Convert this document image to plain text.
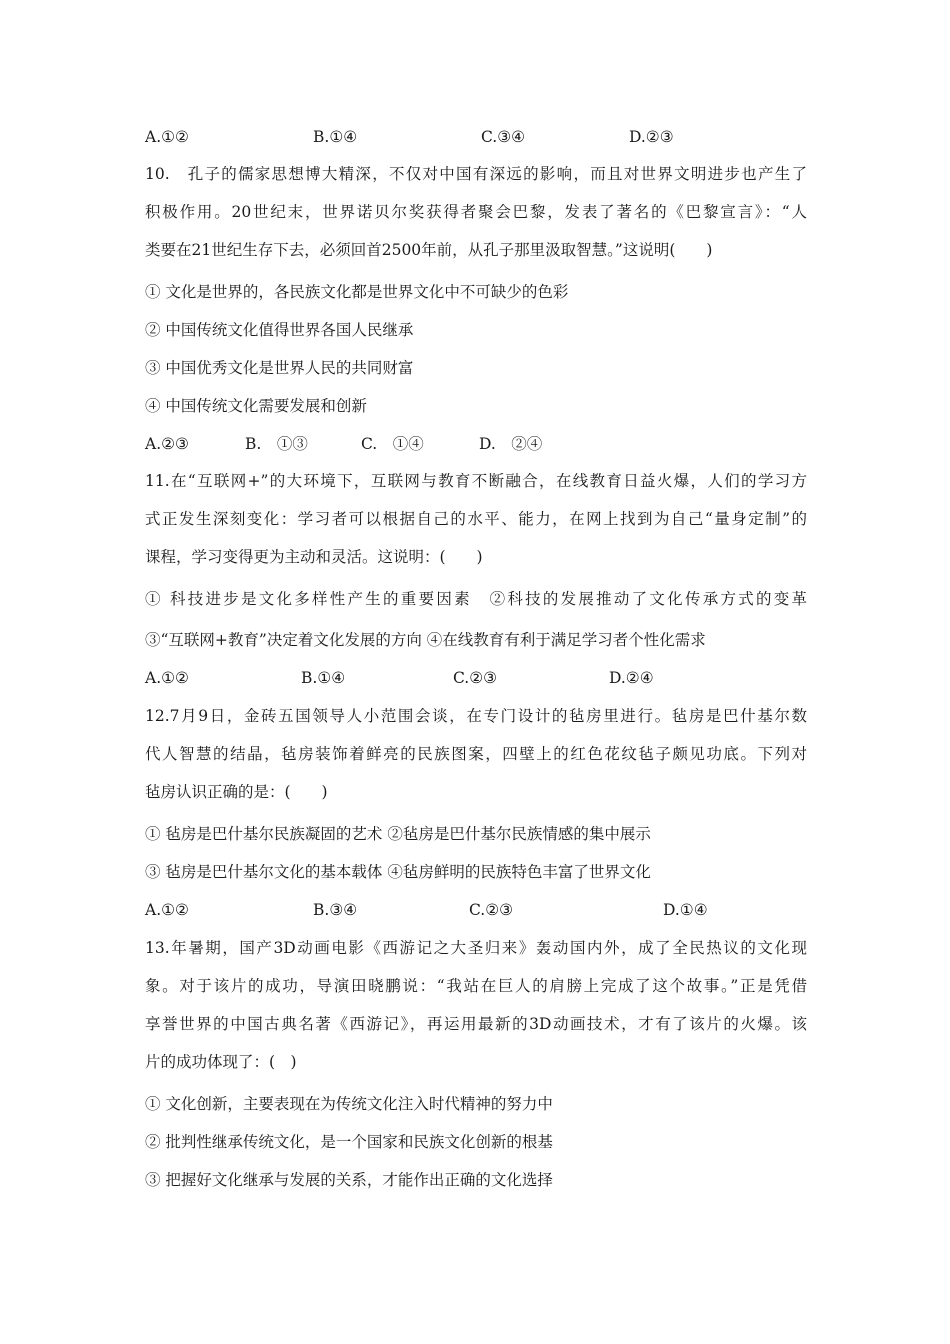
A.①②	B.①④	C.③④	D.②③
10.　孔子的儒家思想博大精深，不仅对中国有深远的影响，而且对世界文明进步也产生了
积极作用。20世纪末，世界诺贝尔奖获得者聚会巴黎，发表了著名的《巴黎宣言》：“人
类要在21世纪生存下去，必须回首2500年前，从孔子那里汲取智慧。”这说明(　　)
① 文化是世界的，各民族文化都是世界文化中不可缺少的色彩
② 中国传统文化值得世界各国人民继承
③ 中国优秀文化是世界人民的共同财富
④ 中国传统文化需要发展和创新
A.②③	B.　①③	C.　①④	D.　②④
11.在“互联网+”的大环境下，互联网与教育不断融合，在线教育日益火爆，人们的学习方
式正发生深刻变化：学习者可以根据自己的水平、能力，在网上找到为自己“量身定制”的
课程，学习变得更为主动和灵活。这说明：(　　)
① 科技进步是文化多样性产生的重要因素　②科技的发展推动了文化传承方式的变革
③“互联网+教育”决定着文化发展的方向 ④在线教育有利于满足学习者个性化需求
A.①②	B.①④	C.②③	D.②④
12.7月9日，金砖五国领导人小范围会谈，在专门设计的毡房里进行。毡房是巴什基尔数
代人智慧的结晶，毡房装饰着鲜亮的民族图案，四壁上的红色花纹毡子颇见功底。下列对
毡房认识正确的是：(　　)
① 毡房是巴什基尔民族凝固的艺术 ②毡房是巴什基尔民族情感的集中展示
③ 毡房是巴什基尔文化的基本载体 ④毡房鲜明的民族特色丰富了世界文化
A.①②	B.③④	C.②③	D.①④
13.年暑期，国产3D动画电影《西游记之大圣归来》轰动国内外，成了全民热议的文化现
象。对于该片的成功，导演田晓鹏说：“我站在巨人的肩膀上完成了这个故事。”正是凭借
享誉世界的中国古典名著《西游记》，再运用最新的3D动画技术，才有了该片的火爆。该
片的成功体现了：(　)
① 文化创新，主要表现在为传统文化注入时代精神的努力中
② 批判性继承传统文化，是一个国家和民族文化创新的根基
③ 把握好文化继承与发展的关系，才能作出正确的文化选择
